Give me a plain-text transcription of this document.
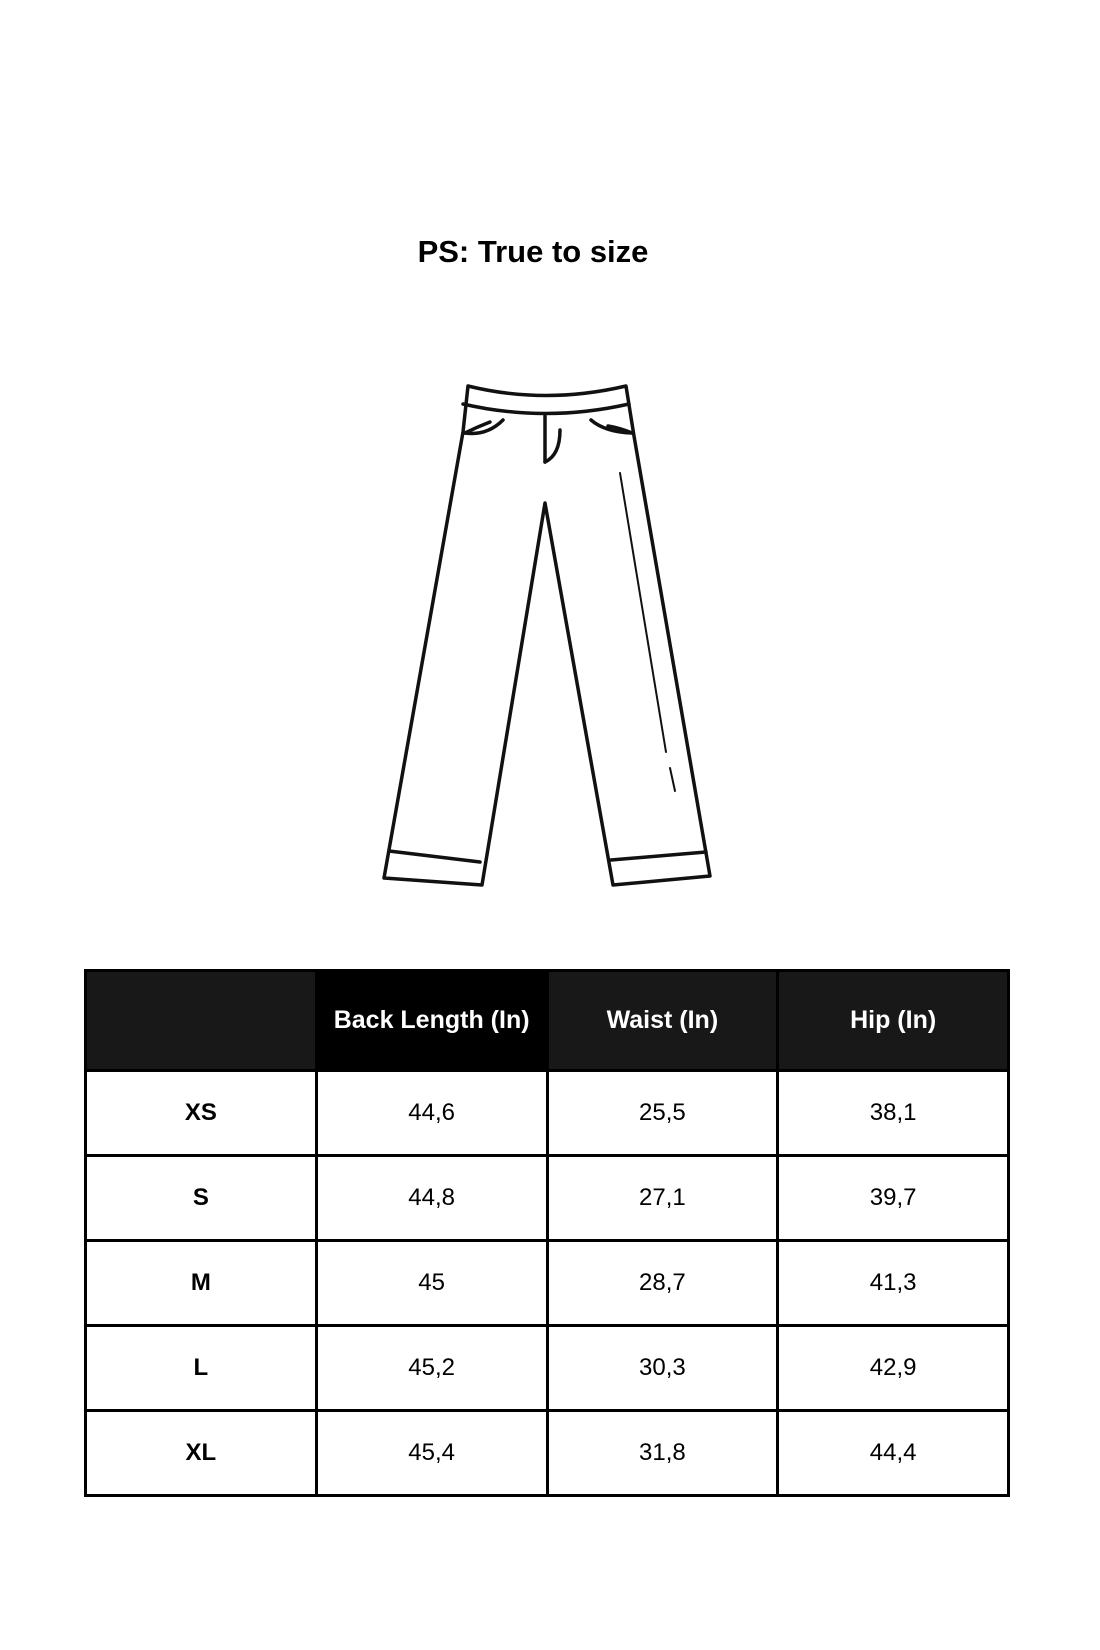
PS: True to size
	Back Length (In)	Waist (In)	Hip (In)
XS	44,6	25,5	38,1
S	44,8	27,1	39,7
M	45	28,7	41,3
L	45,2	30,3	42,9
XL	45,4	31,8	44,4
